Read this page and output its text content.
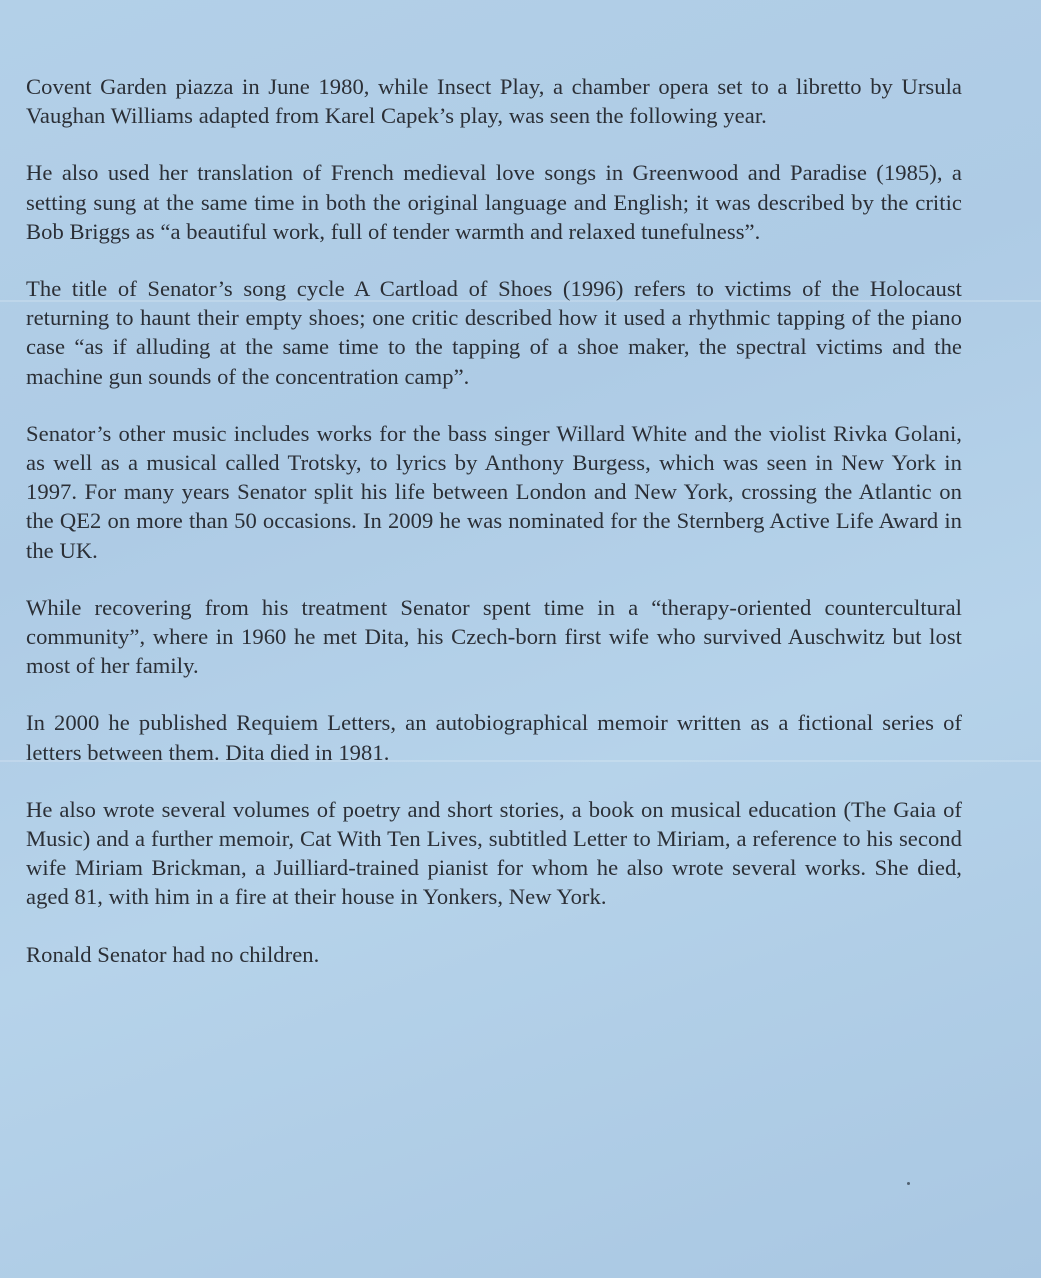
Covent Garden piazza in June 1980, while Insect Play, a chamber opera set to a libretto by Ursula Vaughan Williams adapted from Karel Capek’s play, was seen the following year.

He also used her translation of French medieval love songs in Greenwood and Paradise (1985), a setting sung at the same time in both the original language and English; it was described by the critic Bob Briggs as “a beautiful work, full of tender warmth and relaxed tunefulness”.

The title of Senator’s song cycle A Cartload of Shoes (1996) refers to victims of the Holocaust returning to haunt their empty shoes; one critic described how it used a rhythmic tapping of the piano case “as if alluding at the same time to the tapping of a shoe maker, the spectral victims and the machine gun sounds of the concentration camp”.

Senator’s other music includes works for the bass singer Willard White and the violist Rivka Golani, as well as a musical called Trotsky, to lyrics by Anthony Burgess, which was seen in New York in 1997. For many years Senator split his life between London and New York, crossing the Atlantic on the QE2 on more than 50 occasions. In 2009 he was nominated for the Sternberg Active Life Award in the UK.

While recovering from his treatment Senator spent time in a “therapy-oriented countercultural community”, where in 1960 he met Dita, his Czech-born first wife who survived Auschwitz but lost most of her family.

In 2000 he published Requiem Letters, an autobiographical memoir written as a fictional series of letters between them. Dita died in 1981.

He also wrote several volumes of poetry and short stories, a book on musical education (The Gaia of Music) and a further memoir, Cat With Ten Lives, subtitled Letter to Miriam, a reference to his second wife Miriam Brickman, a Juilliard-trained pianist for whom he also wrote several works. She died, aged 81, with him in a fire at their house in Yonkers, New York.

Ronald Senator had no children.
